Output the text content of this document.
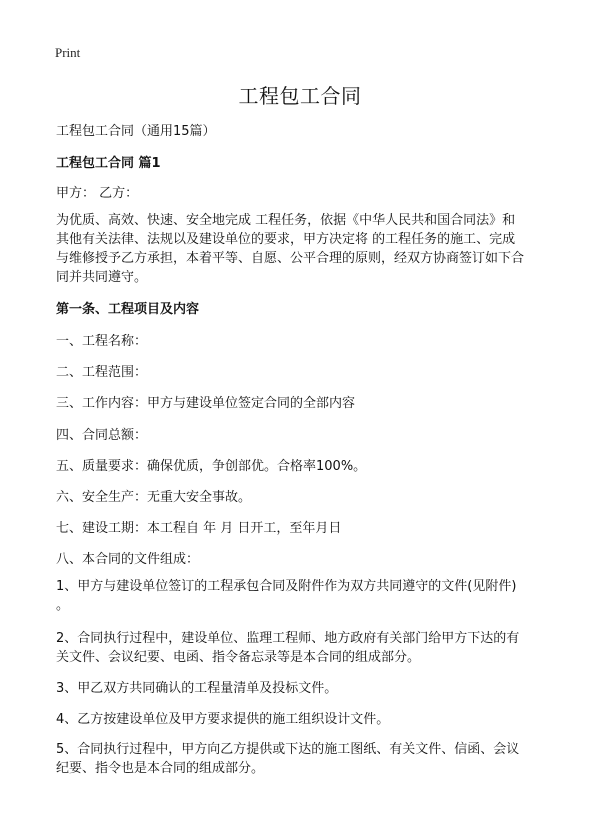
Print
工程包工合同
工程包工合同（通用15篇）
工程包工合同 篇1
甲方： 乙方：
为优质、高效、快速、安全地完成 工程任务，依据《中华人民共和国合同法》和
其他有关法律、法规以及建设单位的要求，甲方决定将 的工程任务的施工、完成
与维修授予乙方承担，本着平等、自愿、公平合理的原则，经双方协商签订如下合
同并共同遵守。
第一条、工程项目及内容
一、工程名称：
二、工程范围：
三、工作内容：甲方与建设单位签定合同的全部内容
四、合同总额：
五、质量要求：确保优质，争创部优。合格率100%。
六、安全生产：无重大安全事故。
七、建设工期：本工程自 年 月 日开工，至年月日
八、本合同的文件组成：
1、甲方与建设单位签订的工程承包合同及附件作为双方共同遵守的文件(见附件)
。
2、合同执行过程中，建设单位、监理工程师、地方政府有关部门给甲方下达的有
关文件、会议纪要、电函、指令备忘录等是本合同的组成部分。
3、甲乙双方共同确认的工程量清单及投标文件。
4、乙方按建设单位及甲方要求提供的施工组织设计文件。
5、合同执行过程中，甲方向乙方提供或下达的施工图纸、有关文件、信函、会议
纪要、指令也是本合同的组成部分。
